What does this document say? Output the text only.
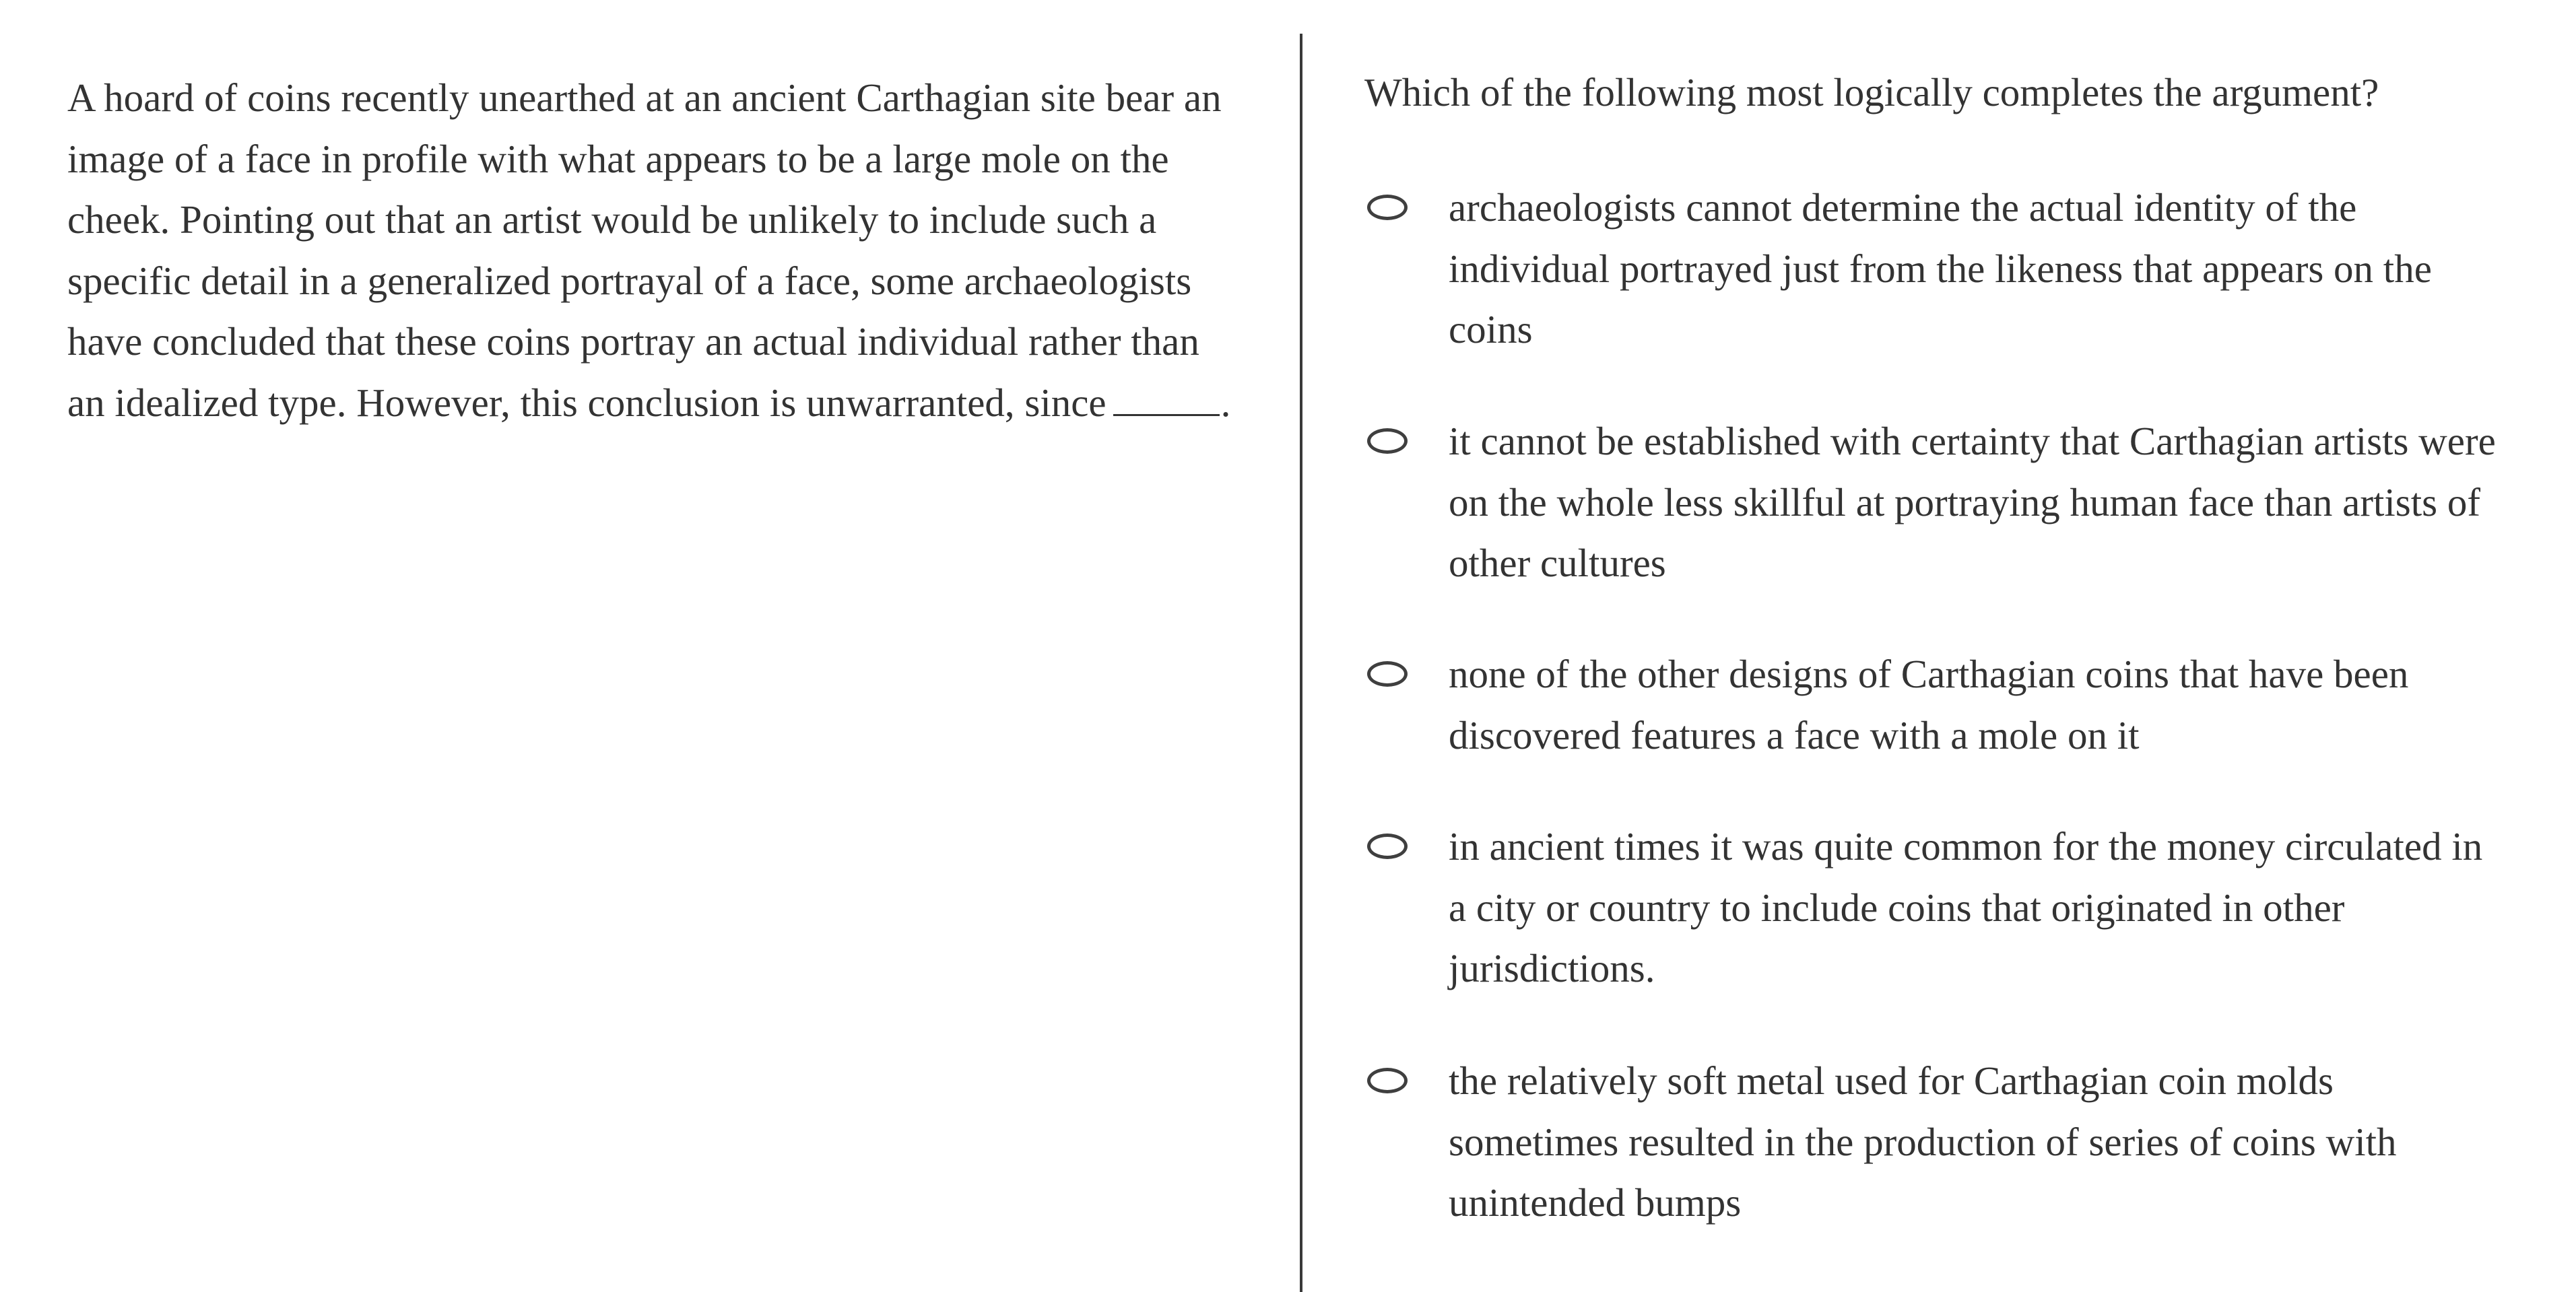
A hoard of coins recently unearthed at an ancient Carthagian site bear an image of a face in profile with what appears to be a large mole on the cheek. Pointing out that an artist would be unlikely to include such a specific detail in a generalized portrayal of a face, some archaeologists have concluded that these coins portray an actual individual rather than an idealized type. However, this conclusion is unwarranted, since	.

Which of the following most logically completes the argument?

archaeologists cannot determine the actual identity of the individual portrayed just from the likeness that appears on the coins
it cannot be established with certainty that Carthagian artists were on the whole less skillful at portraying human face than artists of other cultures
none of the other designs of Carthagian coins that have been discovered features a face with a mole on it
in ancient times it was quite common for the money circulated in a city or country to include coins that originated in other jurisdictions.
the relatively soft metal used for Carthagian coin molds sometimes resulted in the production of series of coins with unintended bumps
